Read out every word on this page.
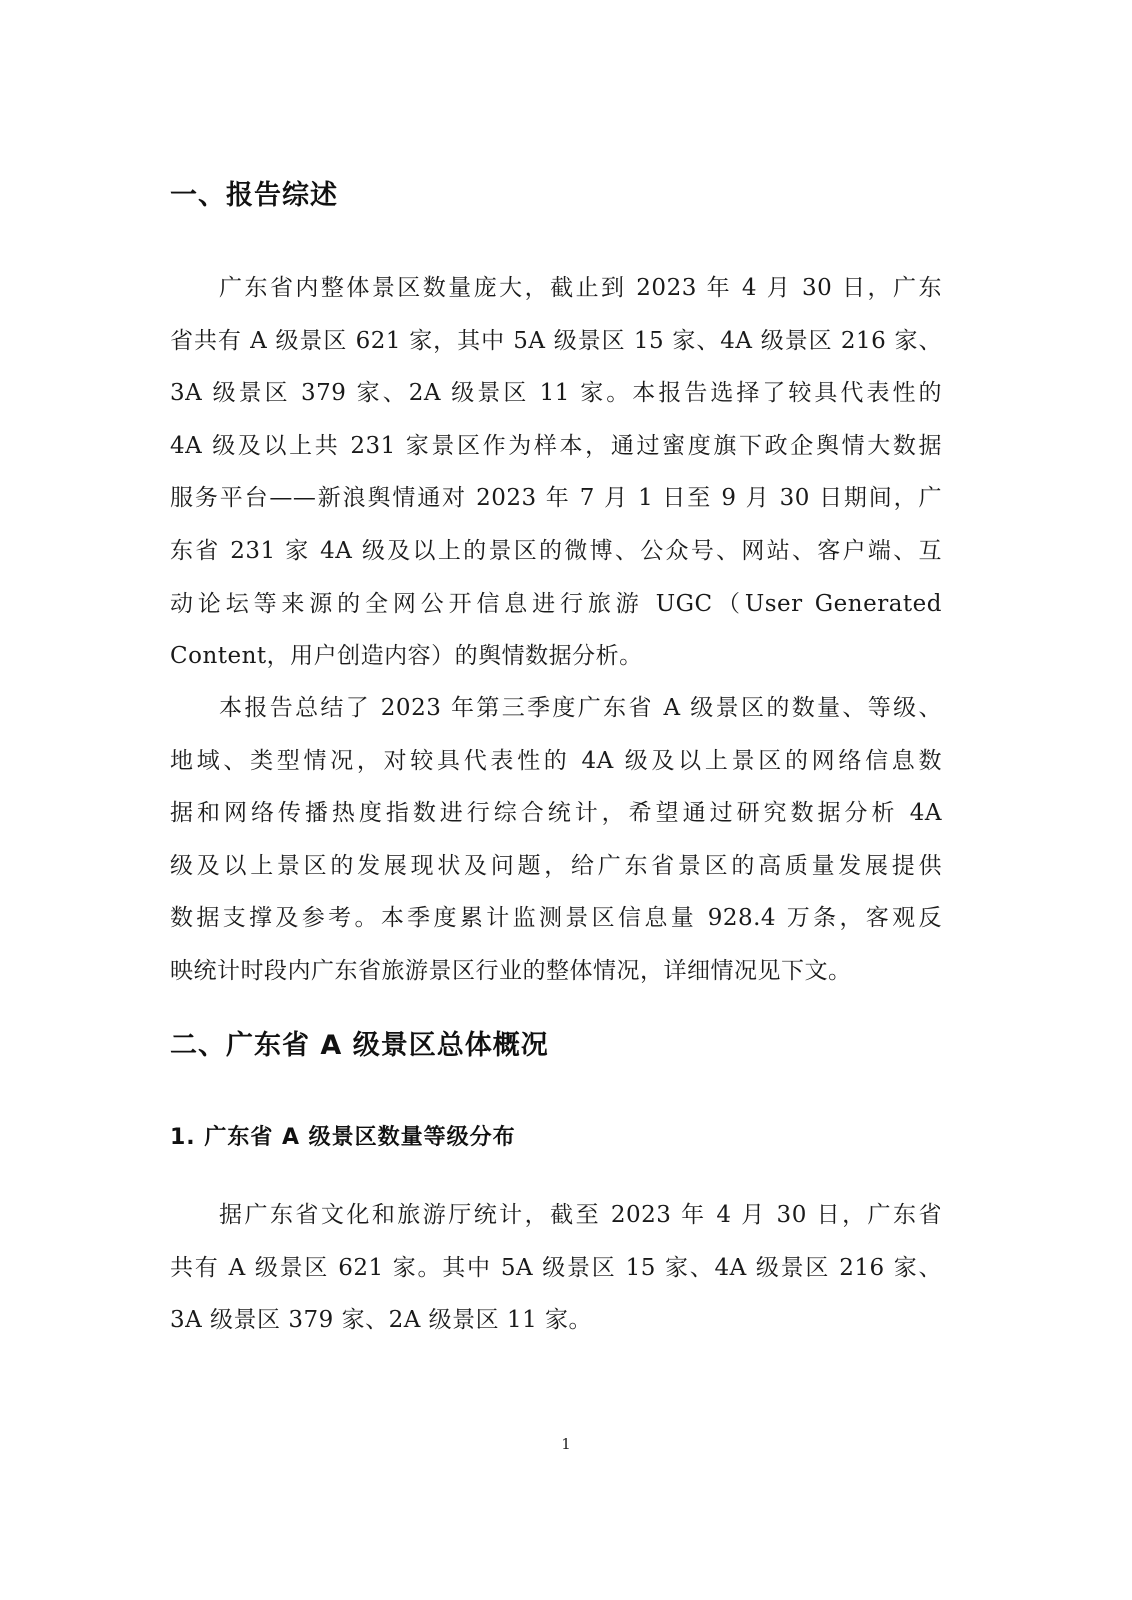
一、报告综述
广东省内整体景区数量庞大，截止到 2023 年 4 月 30 日，广东
省共有 A 级景区 621 家，其中 5A 级景区 15 家、4A 级景区 216 家、
3A 级景区 379 家、2A 级景区 11 家。本报告选择了较具代表性的
4A 级及以上共 231 家景区作为样本，通过蜜度旗下政企舆情大数据
服务平台——新浪舆情通对 2023 年 7 月 1 日至 9 月 30 日期间，广
东省 231 家 4A 级及以上的景区的微博、公众号、网站、客户端、互
动论坛等来源的全网公开信息进行旅游 UGC（User Generated
Content，用户创造内容）的舆情数据分析。
本报告总结了 2023 年第三季度广东省 A 级景区的数量、等级、
地域、类型情况，对较具代表性的 4A 级及以上景区的网络信息数
据和网络传播热度指数进行综合统计，希望通过研究数据分析 4A
级及以上景区的发展现状及问题，给广东省景区的高质量发展提供
数据支撑及参考。本季度累计监测景区信息量 928.4 万条，客观反
映统计时段内广东省旅游景区行业的整体情况，详细情况见下文。
二、广东省 A 级景区总体概况
1. 广东省 A 级景区数量等级分布
据广东省文化和旅游厅统计，截至 2023 年 4 月 30 日，广东省
共有 A 级景区 621 家。其中 5A 级景区 15 家、4A 级景区 216 家、
3A 级景区 379 家、2A 级景区 11 家。
1
